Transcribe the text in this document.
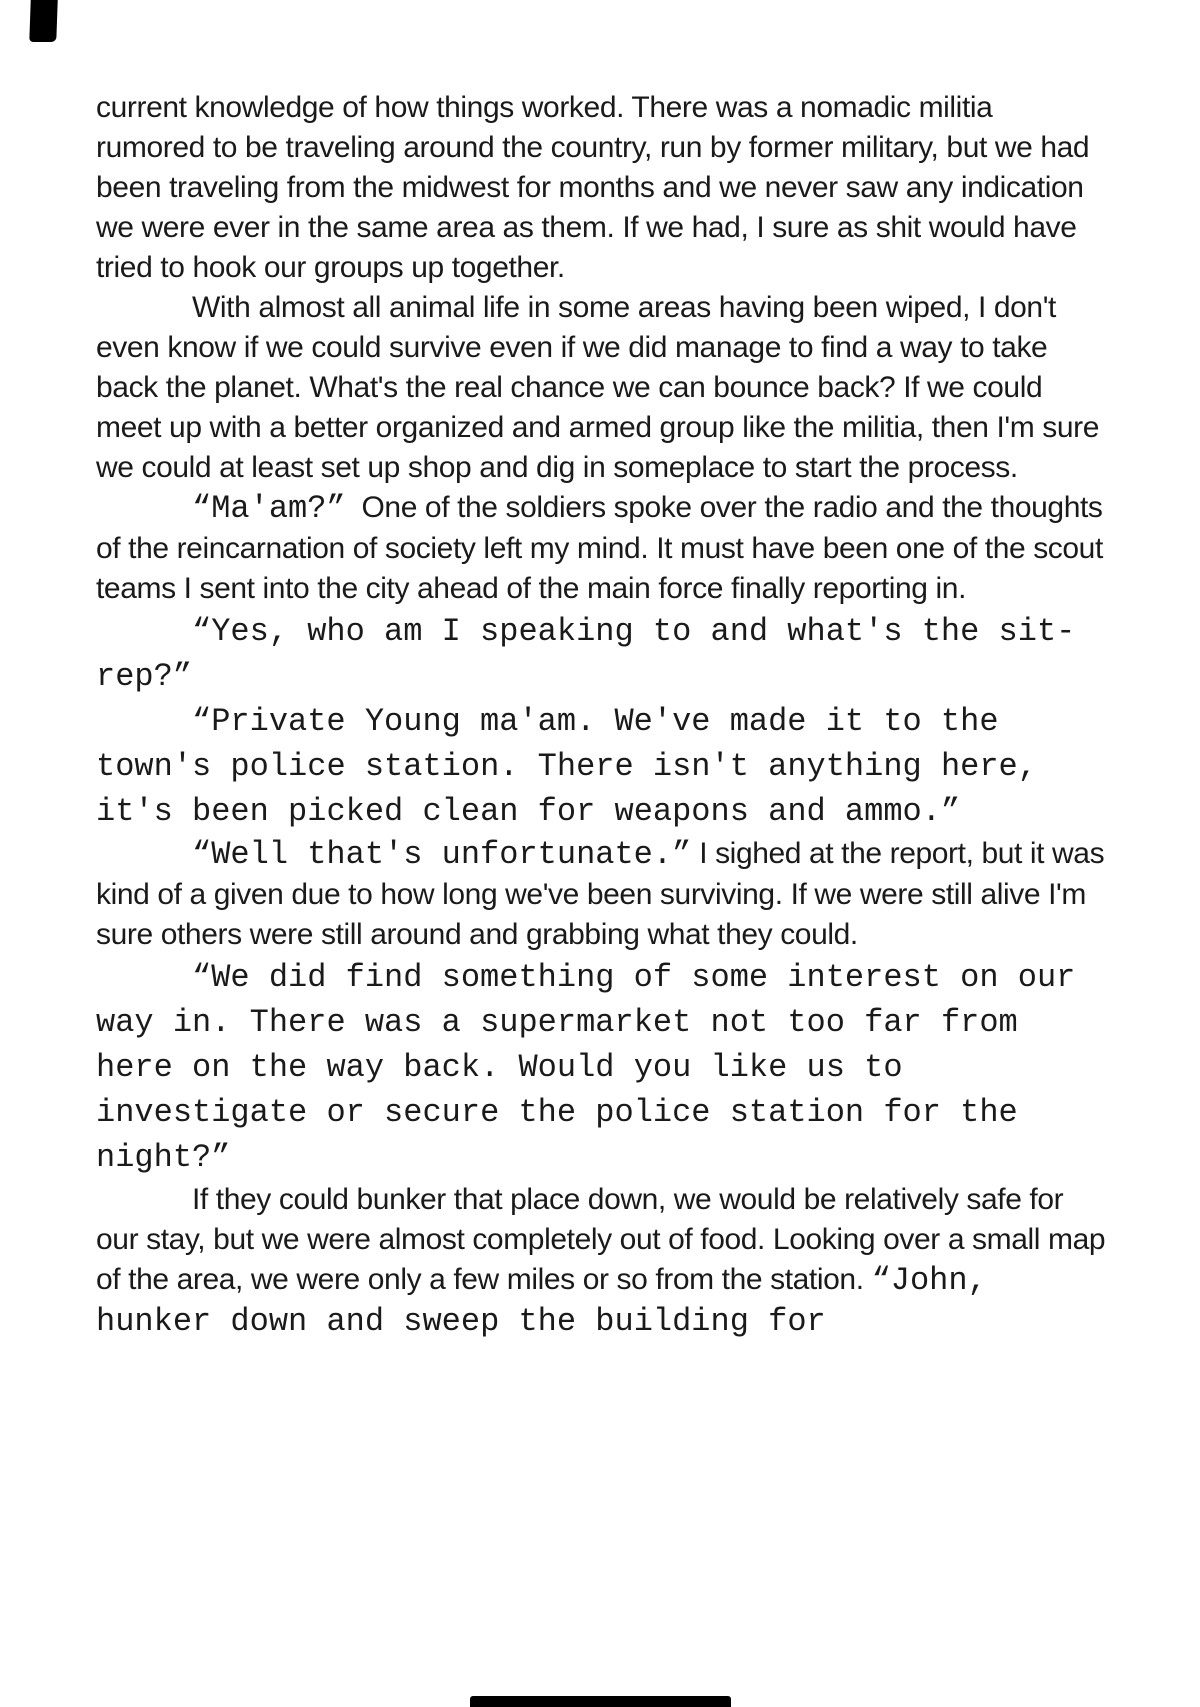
current knowledge of how things worked. There was a nomadic militia rumored to be traveling around the country, run by former military, but we had been traveling from the midwest for months and we never saw any indication we were ever in the same area as them. If we had, I sure as shit would have tried to hook our groups up together.

With almost all animal life in some areas having been wiped, I don't even know if we could survive even if we did manage to find a way to take back the planet. What's the real chance we can bounce back? If we could meet up with a better organized and armed group like the militia, then I'm sure we could at least set up shop and dig in someplace to start the process.

“Ma'am?”  One of the soldiers spoke over the radio and the thoughts of the reincarnation of society left my mind. It must have been one of the scout teams I sent into the city ahead of the main force finally reporting in.

“Yes, who am I speaking to and what's the sit-rep?”

“Private Young ma'am. We've made it to the town's police station. There isn't anything here, it's been picked clean for weapons and ammo.”

“Well that's unfortunate.” I sighed at the report, but it was kind of a given due to how long we've been surviving. If we were still alive I'm sure others were still around and grabbing what they could.

“We did find something of some interest on our way in. There was a supermarket not too far from here on the way back. Would you like us to investigate or secure the police station for the night?”

If they could bunker that place down, we would be relatively safe for our stay, but we were almost completely out of food. Looking over a small map of the area, we were only a few miles or so from the station. “John, hunker down and sweep the building for
